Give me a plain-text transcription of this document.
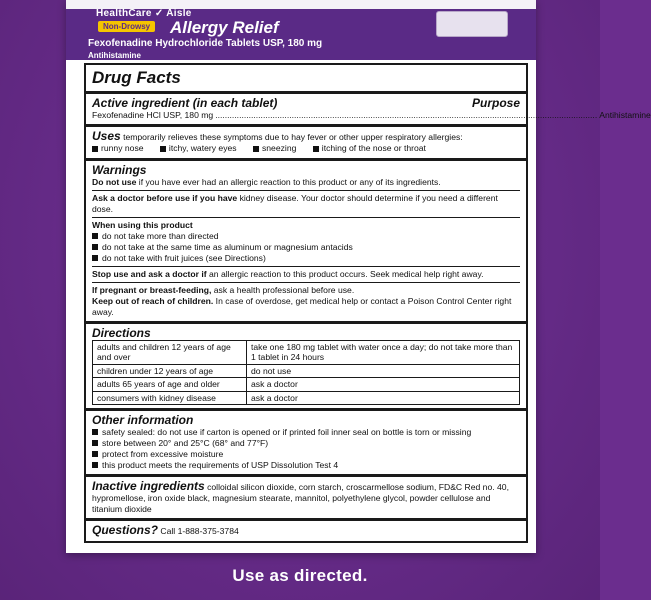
HealthCare ✓ Aisle
Non-Drowsy Allergy Relief
Fexofenadine Hydrochloride Tablets USP, 180 mg
Antihistamine
Drug Facts
Active ingredient (in each tablet)	Purpose
Fexofenadine HCl USP, 180 mg ................................................................................................................................................................ Antihistamine
Uses temporarily relieves these symptoms due to hay fever or other upper respiratory allergies:
runny nose
	itchy, watery eyes
	sneezing
	itching of the nose or throat
Warnings
Do not use if you have ever had an allergic reaction to this product or any of its ingredients.
Ask a doctor before use if you have kidney disease. Your doctor should determine if you need a different dose.
When using this product
do not take more than directed
do not take at the same time as aluminum or magnesium antacids
do not take with fruit juices (see Directions)
Stop use and ask a doctor if an allergic reaction to this product occurs. Seek medical help right away.
If pregnant or breast-feeding, ask a health professional before use.
Keep out of reach of children. In case of overdose, get medical help or contact a Poison Control Center right away.
Directions
adults and children 12 years of age and over	take one 180 mg tablet with water once a day; do not take more than 1 tablet in 24 hours
children under 12 years of age	do not use
adults 65 years of age and older	ask a doctor
consumers with kidney disease	ask a doctor
Other information
safety sealed: do not use if carton is opened or if printed foil inner seal on bottle is torn or missing
store between 20° and 25°C (68° and 77°F)
protect from excessive moisture
this product meets the requirements of USP Dissolution Test 4
Inactive ingredients colloidal silicon dioxide, corn starch, croscarmellose sodium, FD&C Red no. 40, hypromellose, iron oxide black, magnesium stearate, mannitol, polyethylene glycol, powder cellulose and titanium dioxide
Questions? Call 1-888-375-3784
Use as directed.
